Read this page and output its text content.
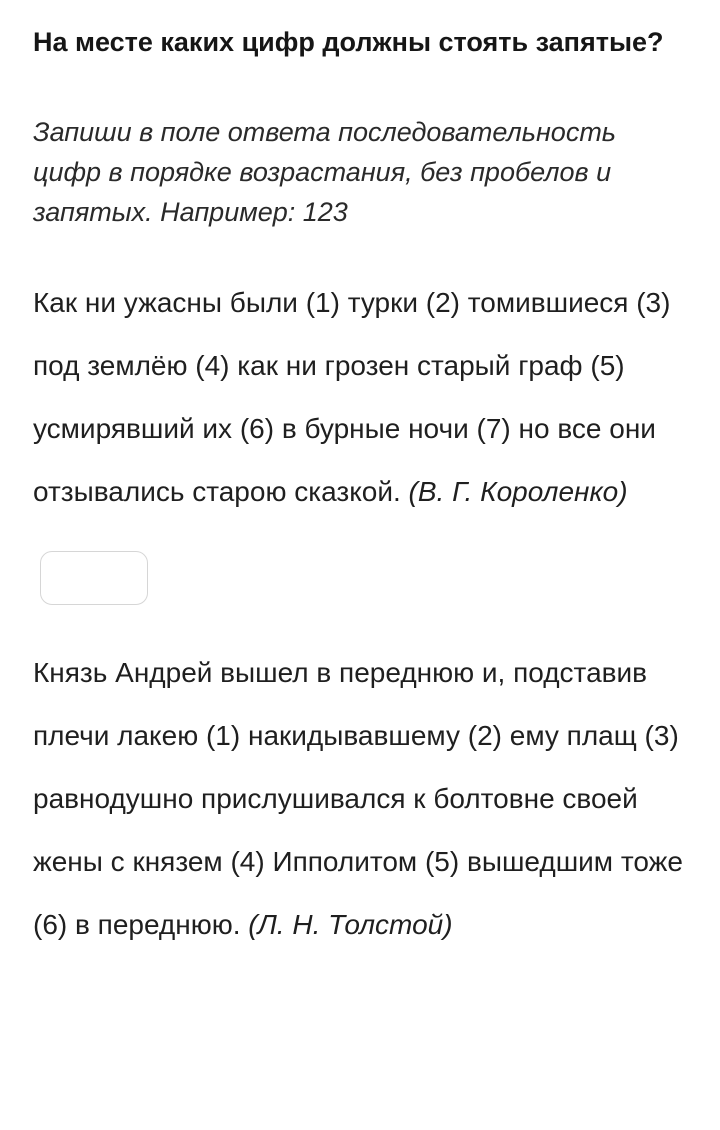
На месте каких цифр должны стоять запятые?

Запиши в поле ответа последовательность цифр в порядке возрастания, без пробелов и запятых. Например: 123

Как ни ужасны были (1) турки (2) томившиеся (3) под землёю (4) как ни грозен старый граф (5) усмирявший их (6) в бурные ночи (7) но все они отзывались старою сказкой. (В. Г. Короленко)

Князь Андрей вышел в переднюю и, подставив плечи лакею (1) накидывавшему (2) ему плащ (3) равнодушно прислушивался к болтовне своей жены с князем (4) Ипполитом (5) вышедшим тоже (6) в переднюю. (Л. Н. Толстой)
